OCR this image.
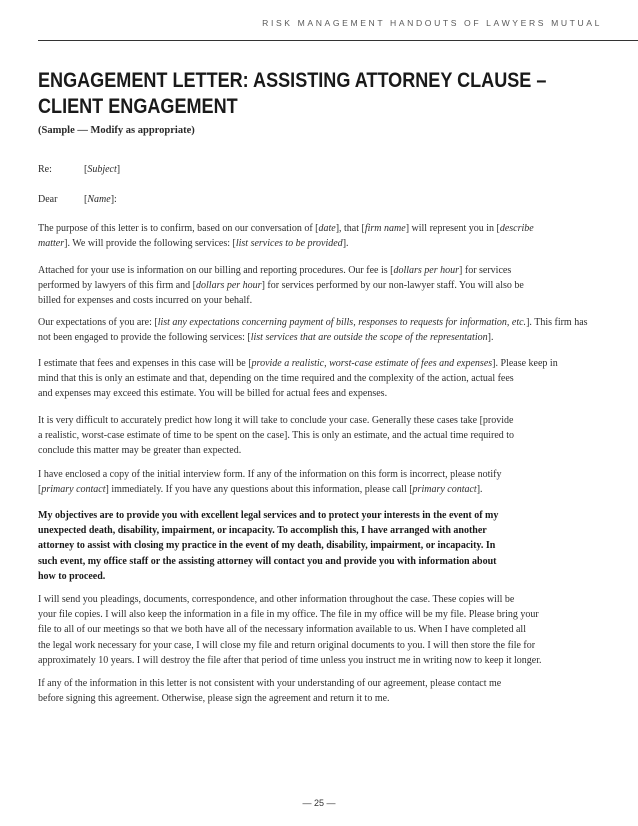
RISK MANAGEMENT HANDOUTS OF LAWYERS MUTUAL
ENGAGEMENT LETTER: ASSISTING ATTORNEY CLAUSE –
CLIENT ENGAGEMENT

(Sample — Modify as appropriate)

Re:	[Subject]
Dear	[Name]:
The purpose of this letter is to confirm, based on our conversation of [date], that [firm name] will represent you in [describe
matter]. We will provide the following services: [list services to be provided].
Attached for your use is information on our billing and reporting procedures. Our fee is [dollars per hour] for services
performed by lawyers of this firm and [dollars per hour] for services performed by our non-lawyer staff. You will also be
billed for expenses and costs incurred on your behalf.
Our expectations of you are: [list any expectations concerning payment of bills, responses to requests for information, etc.]. This firm has
not been engaged to provide the following services: [list services that are outside the scope of the representation].
I estimate that fees and expenses in this case will be [provide a realistic, worst-case estimate of fees and expenses]. Please keep in
mind that this is only an estimate and that, depending on the time required and the complexity of the action, actual fees
and expenses may exceed this estimate. You will be billed for actual fees and expenses.
It is very difficult to accurately predict how long it will take to conclude your case. Generally these cases take [provide
a realistic, worst-case estimate of time to be spent on the case]. This is only an estimate, and the actual time required to
conclude this matter may be greater than expected.
I have enclosed a copy of the initial interview form. If any of the information on this form is incorrect, please notify
[primary contact] immediately. If you have any questions about this information, please call [primary contact].
My objectives are to provide you with excellent legal services and to protect your interests in the event of my
unexpected death, disability, impairment, or incapacity. To accomplish this, I have arranged with another
attorney to assist with closing my practice in the event of my death, disability, impairment, or incapacity. In
such event, my office staff or the assisting attorney will contact you and provide you with information about
how to proceed.
I will send you pleadings, documents, correspondence, and other information throughout the case. These copies will be
your file copies. I will also keep the information in a file in my office. The file in my office will be my file. Please bring your
file to all of our meetings so that we both have all of the necessary information available to us. When I have completed all
the legal work necessary for your case, I will close my file and return original documents to you. I will then store the file for
approximately 10 years. I will destroy the file after that period of time unless you instruct me in writing now to keep it longer.
If any of the information in this letter is not consistent with your understanding of our agreement, please contact me
before signing this agreement. Otherwise, please sign the agreement and return it to me.
— 25 —
